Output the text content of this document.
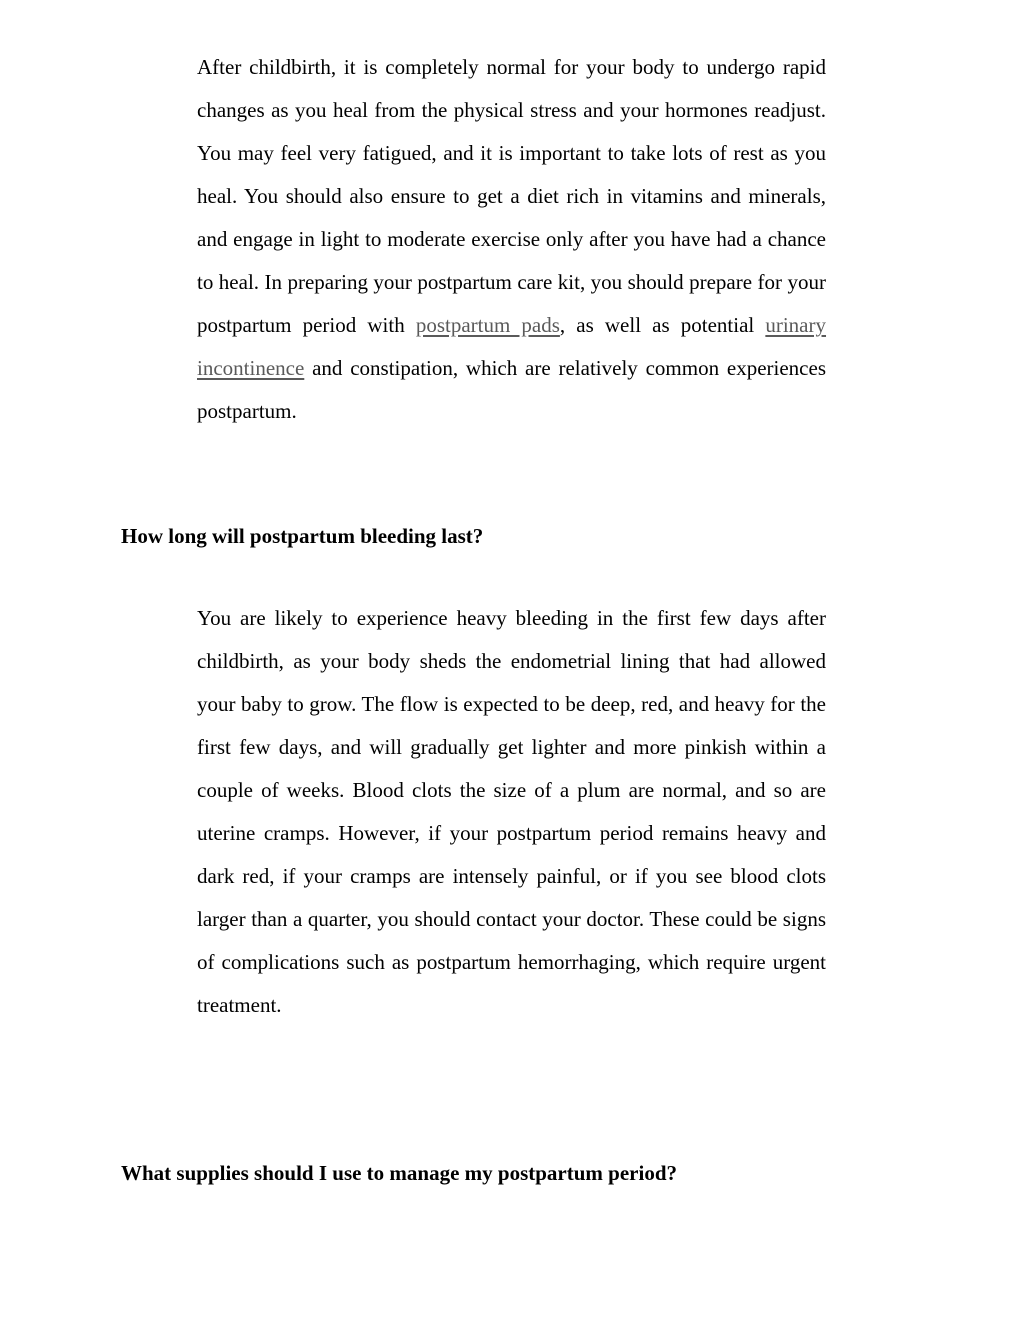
After childbirth, it is completely normal for your body to undergo rapid changes as you heal from the physical stress and your hormones readjust. You may feel very fatigued, and it is important to take lots of rest as you heal. You should also ensure to get a diet rich in vitamins and minerals, and engage in light to moderate exercise only after you have had a chance to heal. In preparing your postpartum care kit, you should prepare for your postpartum period with postpartum pads, as well as potential urinary incontinence and constipation, which are relatively common experiences postpartum.

How long will postpartum bleeding last?

You are likely to experience heavy bleeding in the first few days after childbirth, as your body sheds the endometrial lining that had allowed your baby to grow. The flow is expected to be deep, red, and heavy for the first few days, and will gradually get lighter and more pinkish within a couple of weeks. Blood clots the size of a plum are normal, and so are uterine cramps. However, if your postpartum period remains heavy and dark red, if your cramps are intensely painful, or if you see blood clots larger than a quarter, you should contact your doctor. These could be signs of complications such as postpartum hemorrhaging, which require urgent treatment.

What supplies should I use to manage my postpartum period?
